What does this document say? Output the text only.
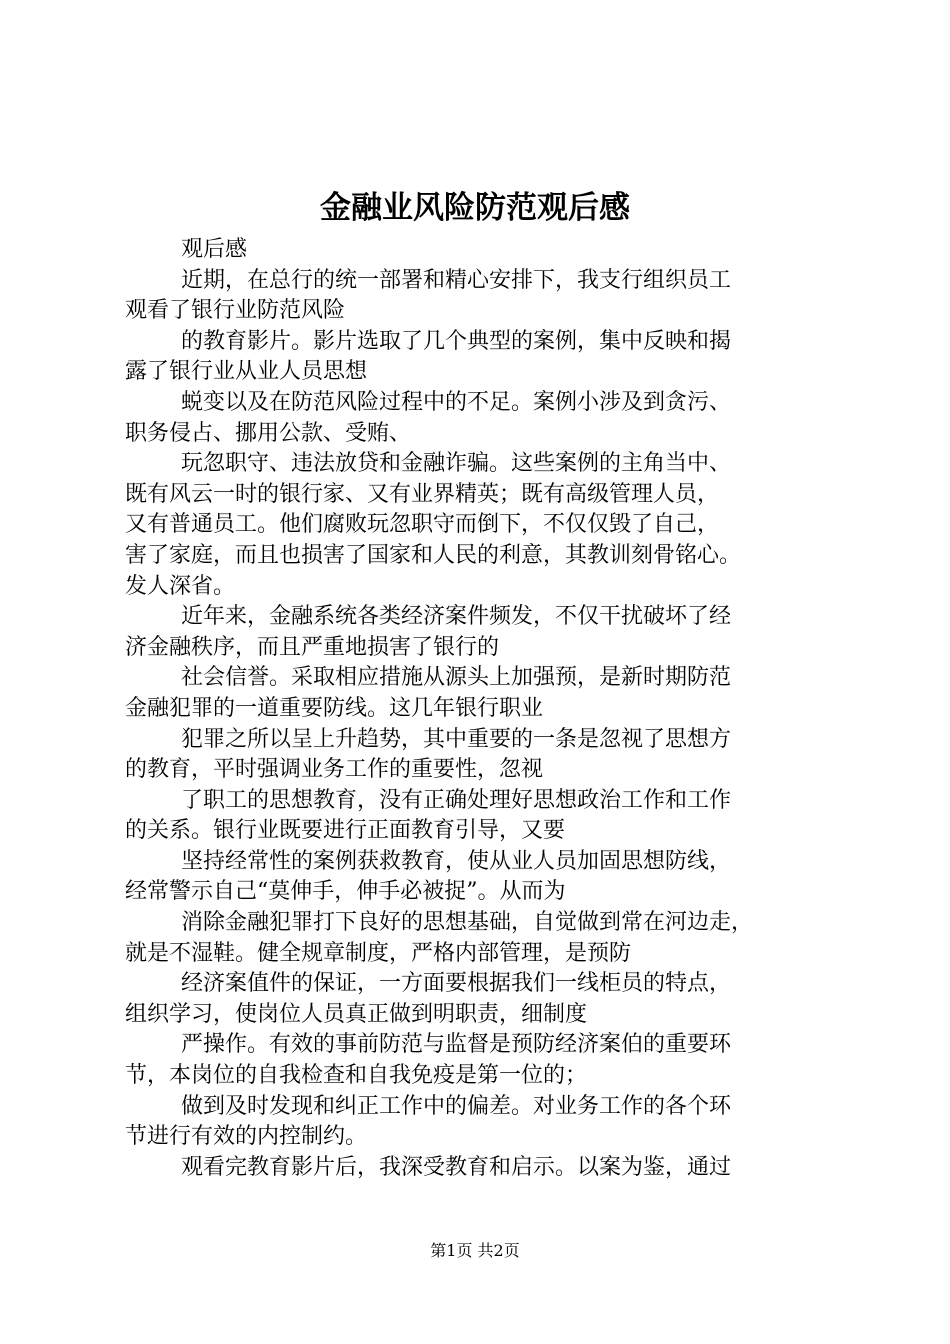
金融业风险防范观后感
观后感
近期，在总行的统一部署和精心安排下，我支行组织员工
观看了银行业防范风险
的教育影片。影片选取了几个典型的案例，集中反映和揭
露了银行业从业人员思想
蜕变以及在防范风险过程中的不足。案例小涉及到贪污、
职务侵占、挪用公款、受贿、
玩忽职守、违法放贷和金融诈骗。这些案例的主角当中、
既有风云一时的银行家、又有业界精英；既有高级管理人员，
又有普通员工。他们腐败玩忽职守而倒下，不仅仅毁了自己，
害了家庭，而且也损害了国家和人民的利意，其教训刻骨铭心。
发人深省。
近年来，金融系统各类经济案件频发，不仅干扰破坏了经
济金融秩序，而且严重地损害了银行的
社会信誉。采取相应措施从源头上加强预，是新时期防范
金融犯罪的一道重要防线。这几年银行职业
犯罪之所以呈上升趋势，其中重要的一条是忽视了思想方
的教育，平时强调业务工作的重要性，忽视
了职工的思想教育，没有正确处理好思想政治工作和工作
的关系。银行业既要进行正面教育引导，又要
坚持经常性的案例获救教育，使从业人员加固思想防线，
经常警示自己“莫伸手，伸手必被捉”。从而为
消除金融犯罪打下良好的思想基础，自觉做到常在河边走，
就是不湿鞋。健全规章制度，严格内部管理，是预防
经济案值件的保证，一方面要根据我们一线柜员的特点，
组织学习，使岗位人员真正做到明职责，细制度
严操作。有效的事前防范与监督是预防经济案伯的重要环
节，本岗位的自我检查和自我免疫是第一位的；
做到及时发现和纠正工作中的偏差。对业务工作的各个环
节进行有效的内控制约。
观看完教育影片后，我深受教育和启示。以案为鉴，通过
第1页 共2页
